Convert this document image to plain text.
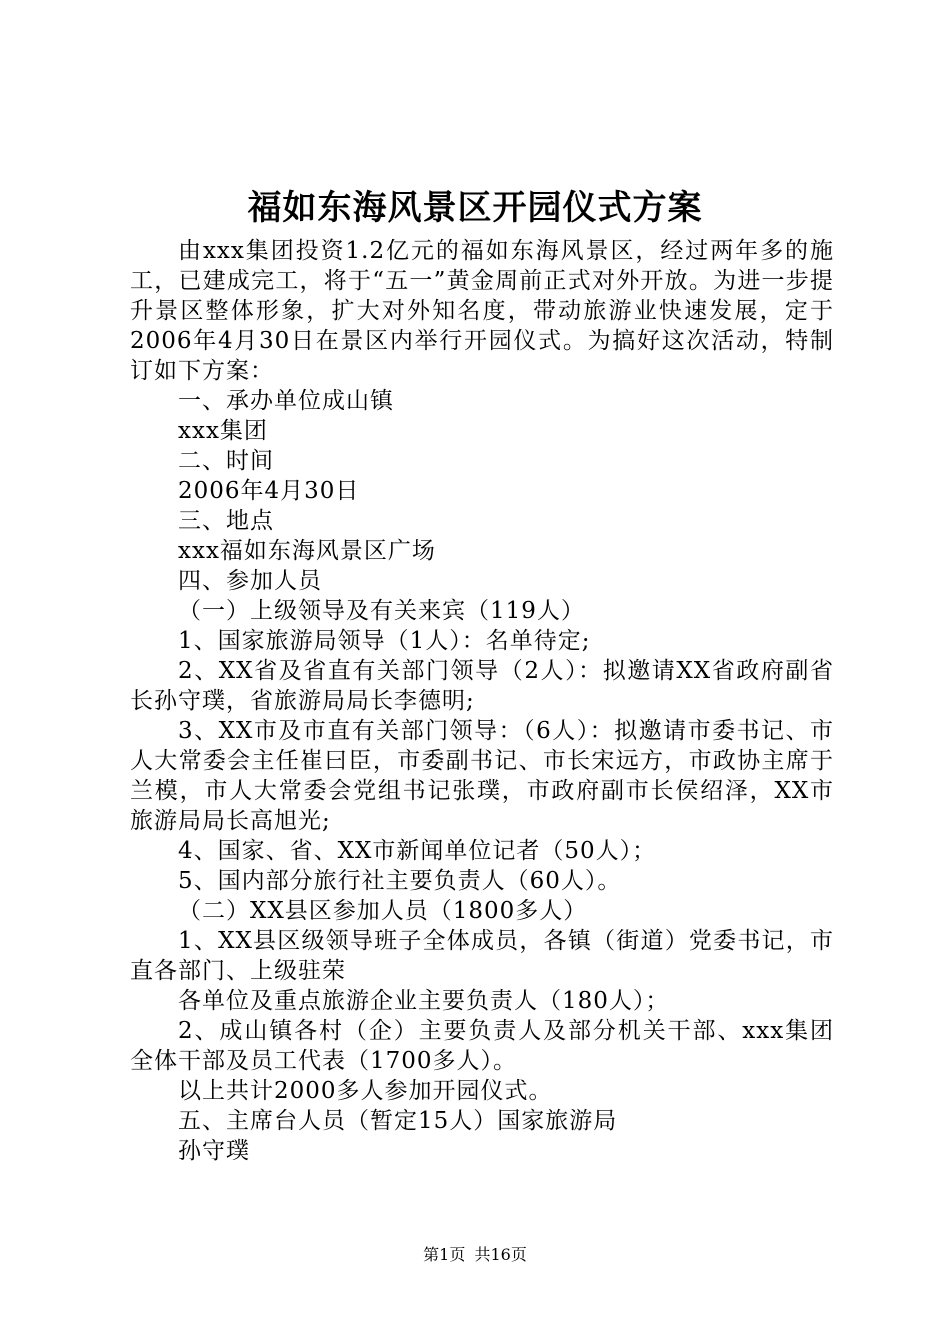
福如东海风景区开园仪式方案

由xxx集团投资1.2亿元的福如东海风景区，经过两年多的施工，已建成完工，将于“五一”黄金周前正式对外开放。为进一步提升景区整体形象，扩大对外知名度，带动旅游业快速发展，定于2006年4月30日在景区内举行开园仪式。为搞好这次活动，特制订如下方案：

一、承办单位成山镇

xxx集团

二、时间

2006年4月30日

三、地点

xxx福如东海风景区广场

四、参加人员

（一）上级领导及有关来宾（119人）

1、国家旅游局领导（1人）：名单待定;

2、XX省及省直有关部门领导（2人）：拟邀请XX省政府副省长孙守璞，省旅游局局长李德明;

3、XX市及市直有关部门领导：（6人）：拟邀请市委书记、市人大常委会主任崔曰臣，市委副书记、市长宋远方，市政协主席于兰模，市人大常委会党组书记张璞，市政府副市长侯绍泽，XX市旅游局局长高旭光;

4、国家、省、XX市新闻单位记者（50人）；

5、国内部分旅行社主要负责人（60人）。

（二）XX县区参加人员（1800多人）

1、XX县区级领导班子全体成员，各镇（街道）党委书记，市直各部门、上级驻荣

各单位及重点旅游企业主要负责人（180人）；

2、成山镇各村（企）主要负责人及部分机关干部、xxx集团全体干部及员工代表（1700多人）。

以上共计2000多人参加开园仪式。

五、主席台人员（暂定15人）国家旅游局

孙守璞

第1页 共16页
